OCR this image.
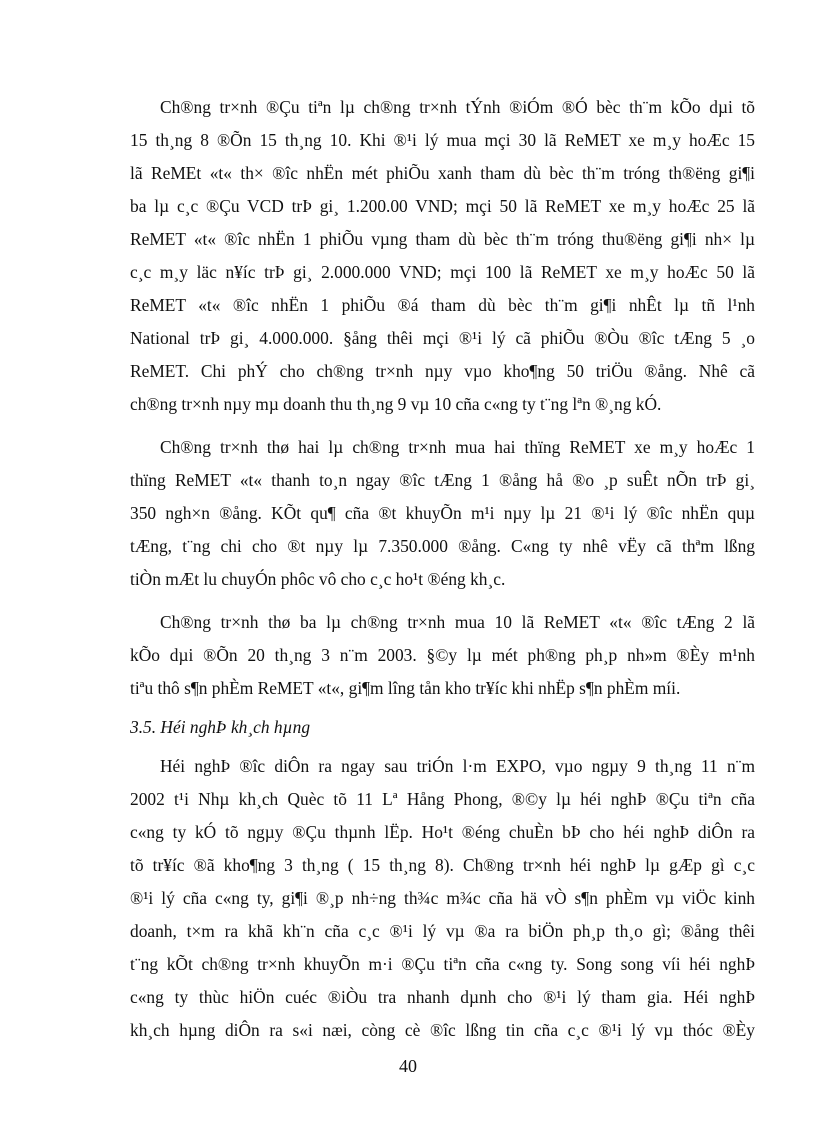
Ch®ng tr×nh ®Çu tiªn lµ ch®ng tr×nh tÝnh ®iÓm ®Ó bèc th¨m kÕo dµi tõ
15 th¸ng 8 ®Õn 15 th¸ng 10. Khi ®¹i lý mua mçi 30 lã ReMET xe m¸y hoÆc 15
lã ReMEt «t« th× ®îc nhËn mét phiÕu xanh tham dù bèc th¨m tróng th®ëng gi¶i
ba lµ c¸c ®Çu VCD trÞ gi¸ 1.200.00 VND; mçi 50 lã ReMET xe m¸y hoÆc 25 lã
ReMET «t« ®îc nhËn 1 phiÕu vµng tham dù bèc th¨m tróng thu®ëng gi¶i nh× lµ
c¸c m¸y läc n¥íc trÞ gi¸ 2.000.000 VND; mçi 100 lã ReMET xe m¸y hoÆc 50 lã
ReMET «t« ®îc nhËn 1 phiÕu ®á tham dù bèc th¨m gi¶i nhÊt lµ tñ l¹nh
National trÞ gi¸ 4.000.000. §ång thêi mçi ®¹i lý cã phiÕu ®Òu ®îc tÆng 5 ¸o
ReMET. Chi phÝ cho ch®ng tr×nh nµy vµo kho¶ng 50 triÖu ®ång. Nhê cã
ch®ng tr×nh nµy mµ doanh thu th¸ng 9 vµ 10 cña c«ng ty t¨ng lªn ®¸ng kÓ.
Ch®ng tr×nh thø hai lµ ch®ng tr×nh mua hai thïng ReMET xe m¸y hoÆc 1
thïng ReMET «t« thanh to¸n ngay ®îc tÆng 1 ®ång hå ®o ¸p suÊt nÕn trÞ gi¸
350 ngh×n ®ång. KÕt qu¶ cña ®t khuyÕn m¹i nµy lµ 21 ®¹i lý ®îc nhËn quµ
tÆng, t¨ng chi cho ®t nµy lµ 7.350.000 ®ång. C«ng ty nhê vËy cã thªm lßng
tiÒn mÆt lu chuyÓn phôc vô cho c¸c ho¹t ®éng kh¸c.
Ch®ng tr×nh thø ba lµ ch®ng tr×nh mua 10 lã ReMET «t« ®îc tÆng 2 lã
kÕo dµi ®Õn 20 th¸ng 3 n¨m 2003. §©y lµ mét ph®ng ph¸p nh»m ®Èy m¹nh
tiªu thô s¶n phÈm ReMET «t«, gi¶m lîng tån kho tr¥íc khi nhËp s¶n phÈm míi.
3.5. Héi nghÞ kh¸ch hµng
Héi nghÞ ®îc diÔn ra ngay sau triÓn l·m EXPO, vµo ngµy 9 th¸ng 11 n¨m
2002 t¹i Nhµ kh¸ch Quèc tõ 11 Lª Hång Phong, ®©y lµ héi nghÞ ®Çu tiªn cña
c«ng ty kÓ tõ ngµy ®Çu thµnh lËp. Ho¹t ®éng chuÈn bÞ cho héi nghÞ diÔn ra
tõ tr¥íc ®ã kho¶ng 3 th¸ng ( 15 th¸ng 8). Ch®ng tr×nh héi nghÞ lµ gÆp gì c¸c
®¹i lý cña c«ng ty, gi¶i ®¸p nh÷ng th¾c m¾c cña hä vÒ s¶n phÈm vµ viÖc kinh
doanh, t×m ra khã kh¨n cña c¸c ®¹i lý vµ ®a ra biÖn ph¸p th¸o gì; ®ång thêi
t¨ng kÕt ch®ng tr×nh khuyÕn m·i ®Çu tiªn cña c«ng ty. Song song víi héi nghÞ
c«ng ty thùc hiÖn cuéc ®iÒu tra nhanh dµnh cho ®¹i lý tham gia. Héi nghÞ
kh¸ch hµng diÔn ra s«i næi, còng cè ®îc lßng tin cña c¸c ®¹i lý vµ thóc ®Èy
40
